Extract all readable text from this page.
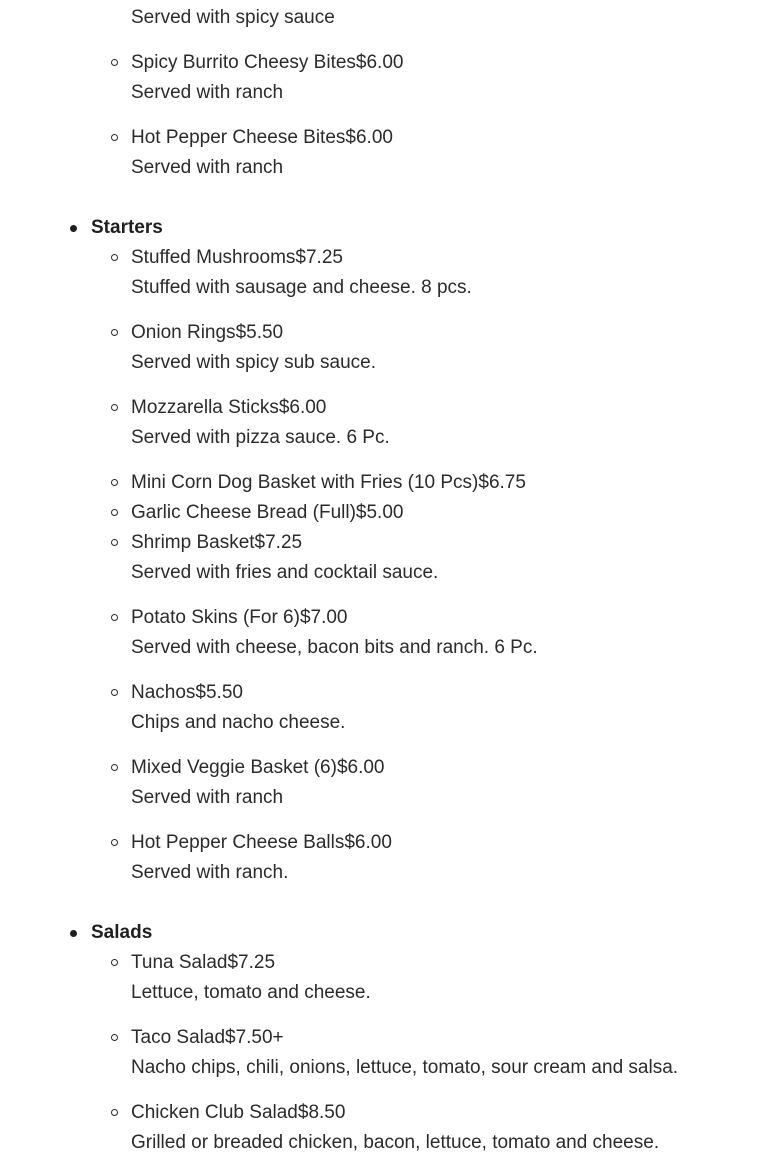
Served with spicy sauce
Spicy Burrito Cheesy Bites$6.00
Served with ranch
Hot Pepper Cheese Bites$6.00
Served with ranch
Starters
Stuffed Mushrooms$7.25
Stuffed with sausage and cheese. 8 pcs.
Onion Rings$5.50
Served with spicy sub sauce.
Mozzarella Sticks$6.00
Served with pizza sauce. 6 Pc.
Mini Corn Dog Basket with Fries (10 Pcs)$6.75
Garlic Cheese Bread (Full)$5.00
Shrimp Basket$7.25
Served with fries and cocktail sauce.
Potato Skins (For 6)$7.00
Served with cheese, bacon bits and ranch. 6 Pc.
Nachos$5.50
Chips and nacho cheese.
Mixed Veggie Basket (6)$6.00
Served with ranch
Hot Pepper Cheese Balls$6.00
Served with ranch.
Salads
Tuna Salad$7.25
Lettuce, tomato and cheese.
Taco Salad$7.50+
Nacho chips, chili, onions, lettuce, tomato, sour cream and salsa.
Chicken Club Salad$8.50
Grilled or breaded chicken, bacon, lettuce, tomato and cheese.
